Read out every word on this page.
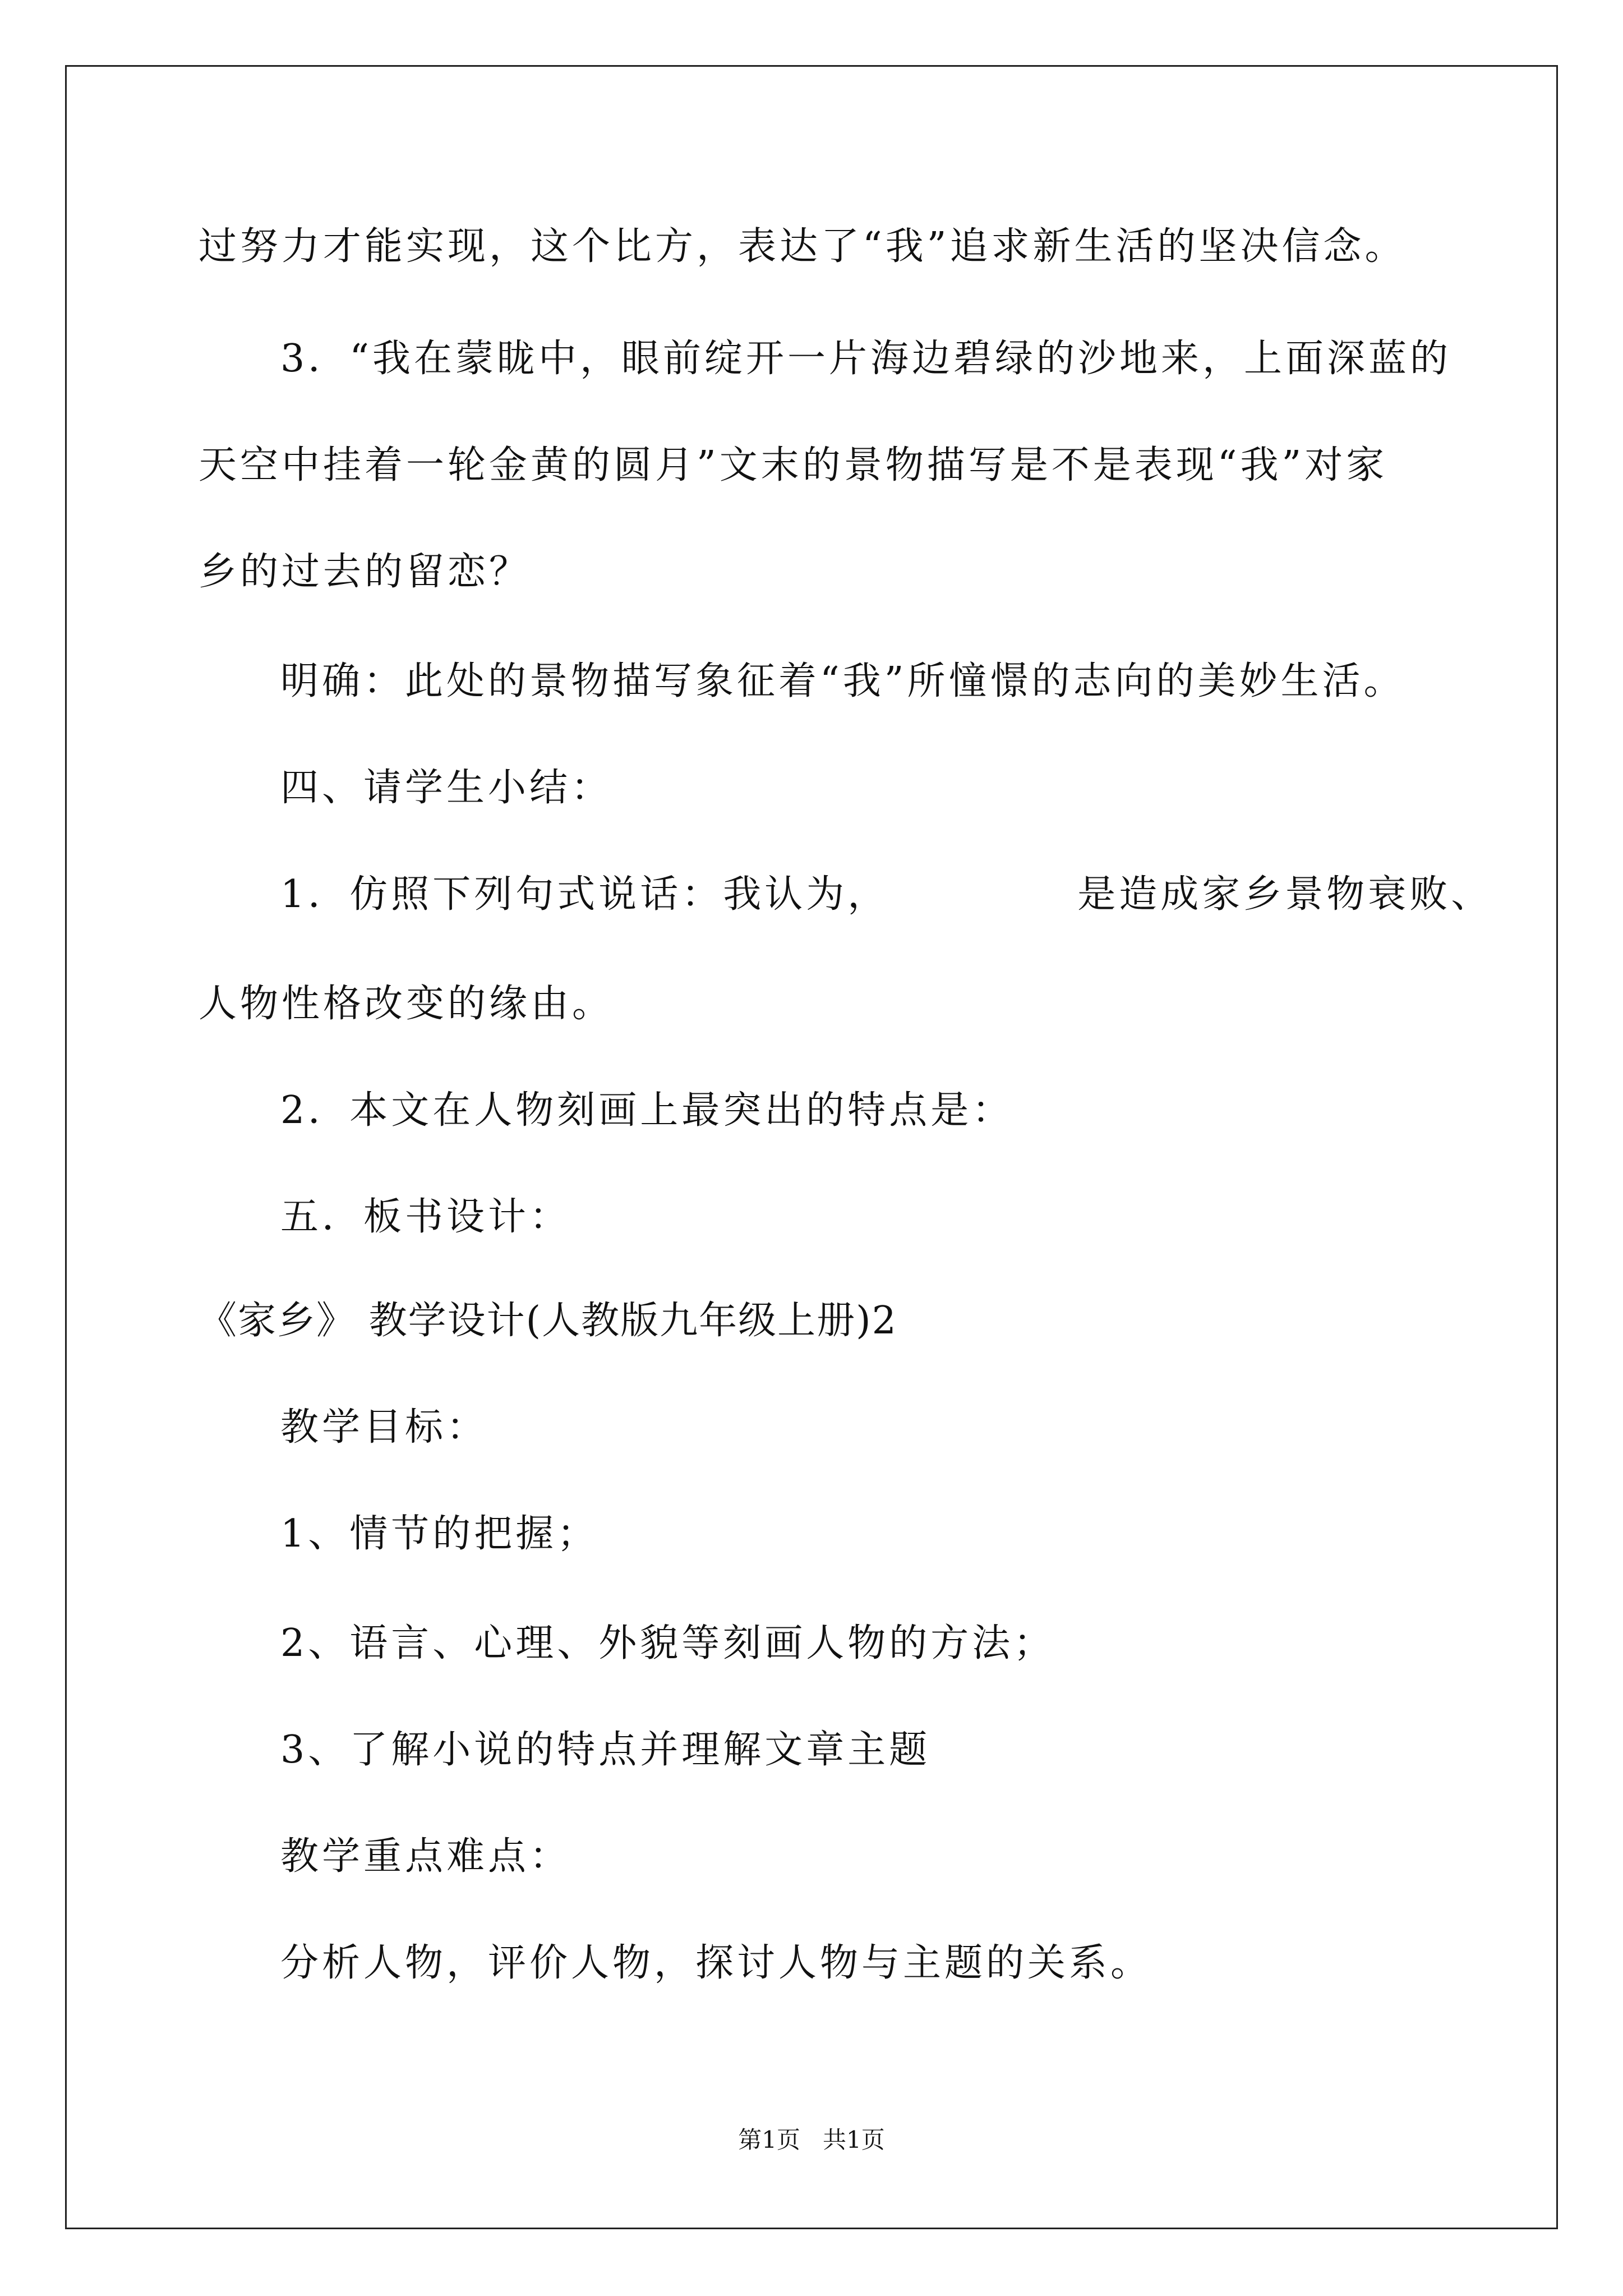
过努力才能实现，这个比方，表达了“我”追求新生活的坚决信念。
3．“我在蒙眬中，眼前绽开一片海边碧绿的沙地来，上面深蓝的
天空中挂着一轮金黄的圆月”文末的景物描写是不是表现“我”对家
乡的过去的留恋？
明确：此处的景物描写象征着“我”所憧憬的志向的美妙生活。
四、请学生小结：
1．仿照下列句式说话：我认为，　　　　　是造成家乡景物衰败、
人物性格改变的缘由。
2．本文在人物刻画上最突出的特点是：
五．板书设计：
《家乡》 教学设计(人教版九年级上册)2
教学目标：
1、情节的把握；
2、语言、心理、外貌等刻画人物的方法；
3、了解小说的特点并理解文章主题
教学重点难点：
分析人物，评价人物，探讨人物与主题的关系。
第1页   共1页
